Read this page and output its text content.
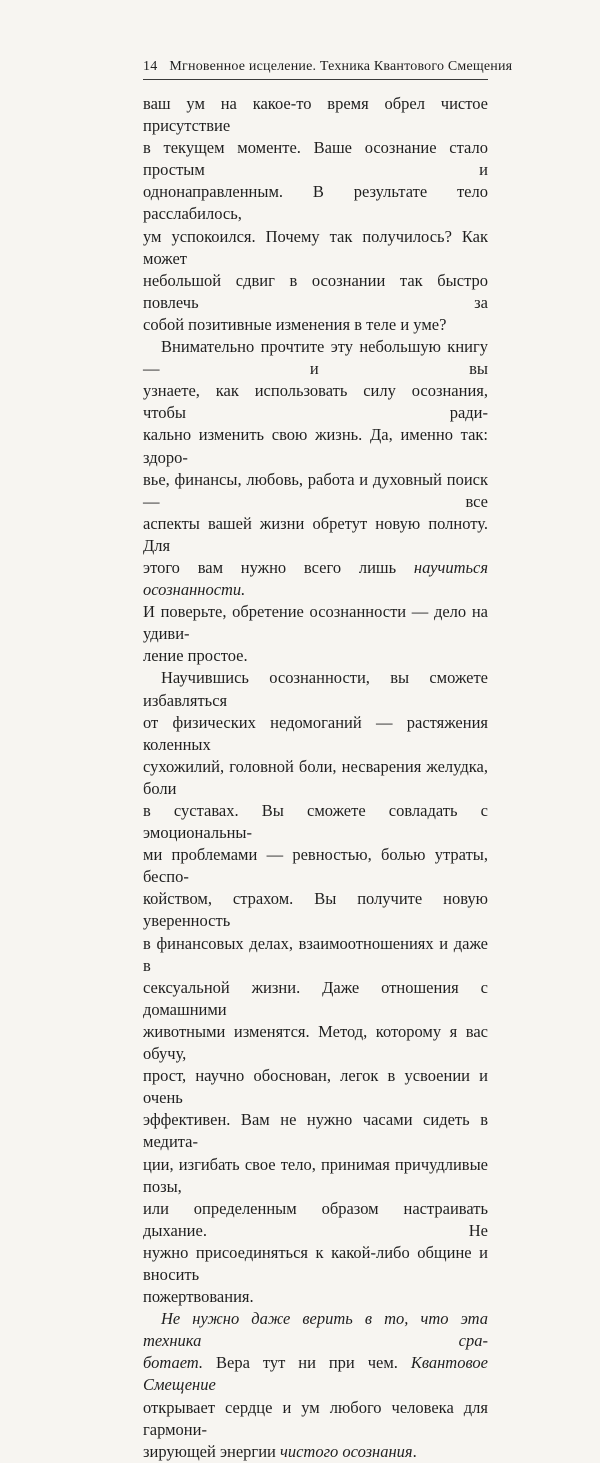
14 Мгновенное исцеление. Техника Квантового Смещения
ваш ум на какое-то время обрел чистое присутствие
в текущем моменте. Ваше осознание стало простым и
однонаправленным. В результате тело расслабилось,
ум успокоился. Почему так получилось? Как может
небольшой сдвиг в осознании так быстро повлечь за
собой позитивные изменения в теле и уме?
Внимательно прочтите эту небольшую книгу — и вы
узнаете, как использовать силу осознания, чтобы ради-
кально изменить свою жизнь. Да, именно так: здоро-
вье, финансы, любовь, работа и духовный поиск — все
аспекты вашей жизни обретут новую полноту. Для
этого вам нужно всего лишь научиться осознанности.
И поверьте, обретение осознанности — дело на удиви-
ление простое.
Научившись осознанности, вы сможете избавляться
от физических недомоганий — растяжения коленных
сухожилий, головной боли, несварения желудка, боли
в суставах. Вы сможете совладать с эмоциональны-
ми проблемами — ревностью, болью утраты, беспо-
койством, страхом. Вы получите новую уверенность
в финансовых делах, взаимоотношениях и даже в
сексуальной жизни. Даже отношения с домашними
животными изменятся. Метод, которому я вас обучу,
прост, научно обоснован, легок в усвоении и очень
эффективен. Вам не нужно часами сидеть в медита-
ции, изгибать свое тело, принимая причудливые позы,
или определенным образом настраивать дыхание. Не
нужно присоединяться к какой-либо общине и вносить
пожертвования.
Не нужно даже верить в то, что эта техника сра-
ботает. Вера тут ни при чем. Квантовое Смещение
открывает сердце и ум любого человека для гармони-
зирующей энергии чистого осознания.
